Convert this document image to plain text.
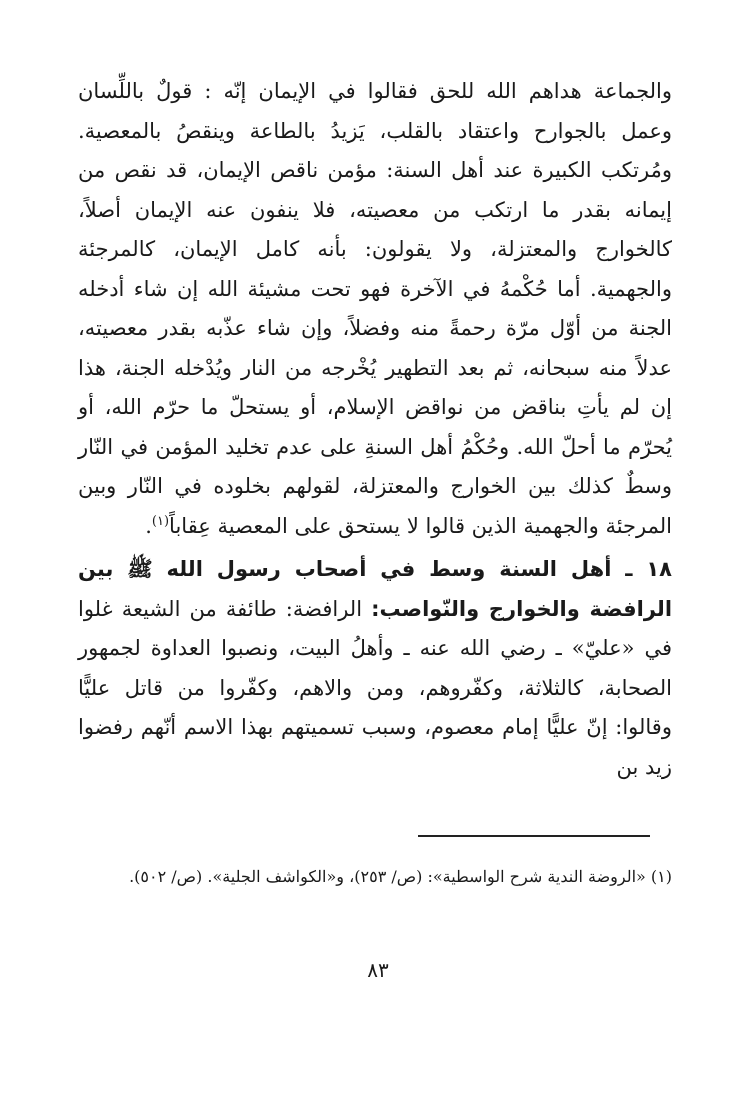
والجماعة هداهم الله للحق فقالوا في الإيمان إنّه : قولٌ باللِّسان وعمل بالجوارح واعتقاد بالقلب، يَزيدُ بالطاعة وينقصُ بالمعصية. ومُرتكب الكبيرة عند أهل السنة: مؤمن ناقص الإيمان، قد نقص من إيمانه بقدر ما ارتكب من معصيته، فلا ينفون عنه الإيمان أصلاً، كالخوارج والمعتزلة، ولا يقولون: بأنه كامل الإيمان، كالمرجئة والجهمية. أما حُكْمهُ في الآخرة فهو تحت مشيئة الله إن شاء أدخله الجنة من أوّل مرّة رحمةً منه وفضلاً، وإن شاء عذّبه بقدر معصيته، عدلاً منه سبحانه، ثم بعد التطهير يُخْرجه من النار ويُدْخله الجنة، هذا إن لم يأتِ بناقض من نواقض الإسلام، أو يستحلّ ما حرّم الله، أو يُحرّم ما أحلّ الله. وحُكْمُ أهل السنةِ على عدم تخليد المؤمن في النّار وسطٌ كذلك بين الخوارج والمعتزلة، لقولهم بخلوده في النّار وبين المرجئة والجهمية الذين قالوا لا يستحق على المعصية عِقاباً$^{(١)}$.

١٨ ـ أهل السنة وسط في أصحاب رسول الله ﷺ بين الرافضة والخوارج والنّواصب: الرافضة: طائفة من الشيعة غلوا في «عليّ» ـ رضي الله عنه ـ وأهلُ البيت، ونصبوا العداوة لجمهور الصحابة، كالثلاثة، وكفّروهم، ومن والاهم، وكفّروا من قاتل عليًّا وقالوا: إنّ عليًّا إمام معصوم، وسبب تسميتهم بهذا الاسم أنّهم رفضوا زيد بن

(١) «الروضة الندية شرح الواسطية»: (ص/ ٢٥٣)، و«الكواشف الجلية». (ص/ ٥٠٢).

٨٣
